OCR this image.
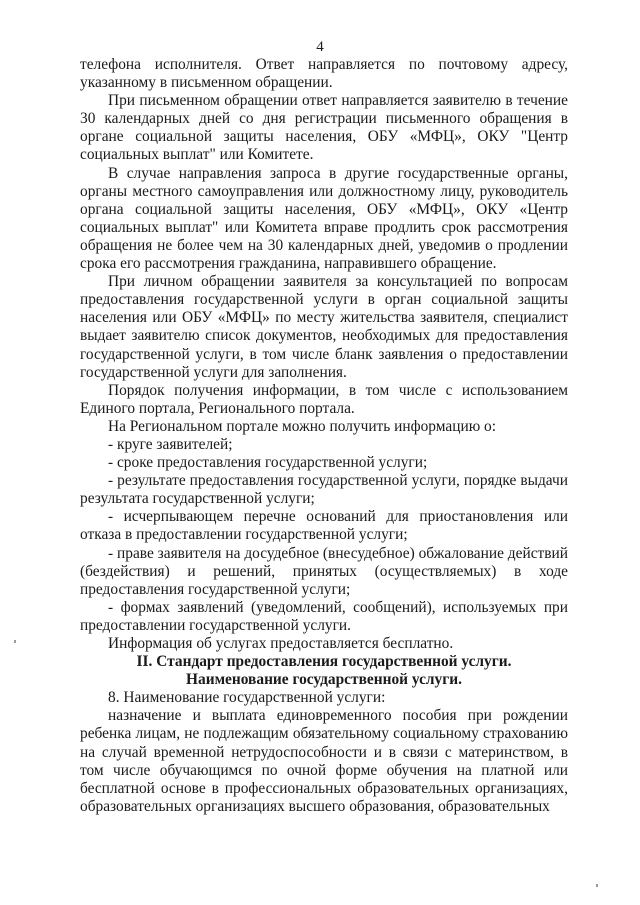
4

телефона исполнителя. Ответ направляется по почтовому адресу, указанному в письменном обращении.

При письменном обращении ответ направляется заявителю в течение 30 календарных дней со дня регистрации письменного обращения в органе социальной защиты населения, ОБУ «МФЦ», ОКУ "Центр социальных выплат" или Комитете.

В случае направления запроса в другие государственные органы, органы местного самоуправления или должностному лицу, руководитель органа социальной защиты населения, ОБУ «МФЦ», ОКУ «Центр социальных выплат" или Комитета вправе продлить срок рассмотрения обращения не более чем на 30 календарных дней, уведомив о продлении срока его рассмотрения гражданина, направившего обращение.

При личном обращении заявителя за консультацией по вопросам предоставления государственной услуги в орган социальной защиты населения или ОБУ «МФЦ» по месту жительства заявителя, специалист выдает заявителю список документов, необходимых для предоставления государственной услуги, в том числе бланк заявления о предоставлении государственной услуги для заполнения.

Порядок получения информации, в том числе с использованием Единого портала, Регионального портала.

На Региональном портале можно получить информацию о:

- круге заявителей;

- сроке предоставления государственной услуги;

- результате предоставления государственной услуги, порядке выдачи результата государственной услуги;

- исчерпывающем перечне оснований для приостановления или отказа в предоставлении государственной услуги;

- праве заявителя на досудебное (внесудебное) обжалование действий (бездействия) и решений, принятых (осуществляемых) в ходе предоставления государственной услуги;

- формах заявлений (уведомлений, сообщений), используемых при предоставлении государственной услуги.

Информация об услугах предоставляется бесплатно.

II. Стандарт предоставления государственной услуги.

Наименование государственной услуги.

8. Наименование государственной услуги:

назначение и выплата единовременного пособия при рождении ребенка лицам, не подлежащим обязательному социальному страхованию на случай временной нетрудоспособности и в связи с материнством, в том числе обучающимся по очной форме обучения на платной или бесплатной основе в профессиональных образовательных организациях, образовательных организациях высшего образования, образовательных
